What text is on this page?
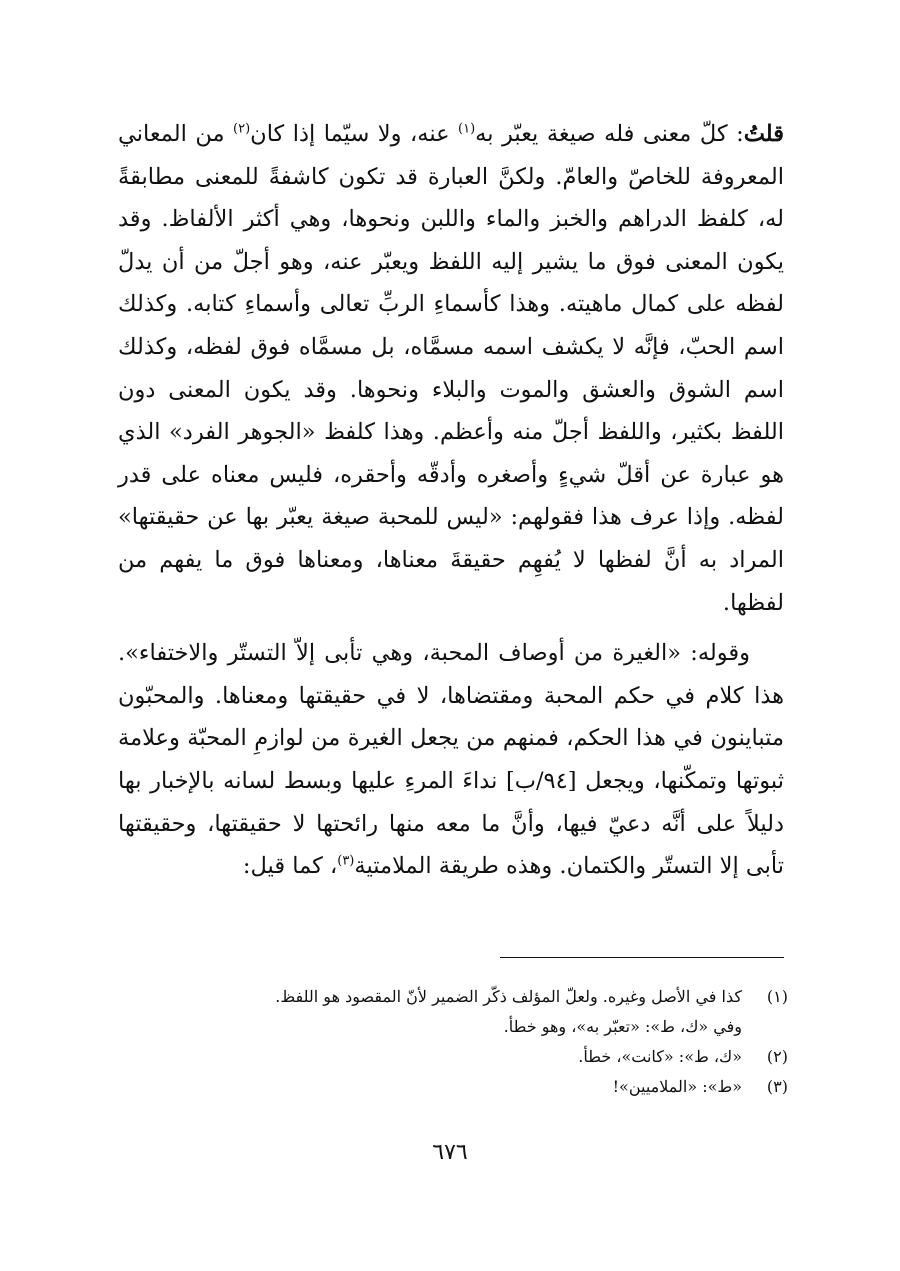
قلتُ: كلّ معنى فله صيغة يعبّر به$^{(١)}$ عنه، ولا سيّما إذا كان$^{(٢)}$ من المعاني المعروفة للخاصّ والعامّ. ولكنَّ العبارة قد تكون كاشفةً للمعنى مطابقةً له، كلفظ الدراهم والخبز والماء واللبن ونحوها، وهي أكثر الألفاظ. وقد يكون المعنى فوق ما يشير إليه اللفظ ويعبّر عنه، وهو أجلّ من أن يدلّ لفظه على كمال ماهيته. وهذا كأسماءِ الربِّ تعالى وأسماءِ كتابه. وكذلك اسم الحبّ، فإنَّه لا يكشف اسمه مسمَّاه، بل مسمَّاه فوق لفظه، وكذلك اسم الشوق والعشق والموت والبلاء ونحوها. وقد يكون المعنى دون اللفظ بكثير، واللفظ أجلّ منه وأعظم. وهذا كلفظ «الجوهر الفرد» الذي هو عبارة عن أقلّ شيءٍ وأصغره وأدقّه وأحقره، فليس معناه على قدر لفظه. وإذا عرف هذا فقولهم: «ليس للمحبة صيغة يعبّر بها عن حقيقتها» المراد به أنَّ لفظها لا يُفهِم حقيقةَ معناها، ومعناها فوق ما يفهم من لفظها.

وقوله: «الغيرة من أوصاف المحبة، وهي تأبى إلاّ التستّر والاختفاء». هذا كلام في حكم المحبة ومقتضاها، لا في حقيقتها ومعناها. والمحبّون متباينون في هذا الحكم، فمنهم من يجعل الغيرة من لوازمِ المحبّة وعلامة ثبوتها وتمكّنها، ويجعل [٩٤/ب] نداءَ المرءِ عليها وبسط لسانه بالإخبار بها دليلاً على أنَّه دعيّ فيها، وأنَّ ما معه منها رائحتها لا حقيقتها، وحقيقتها تأبى إلا التستّر والكتمان. وهذه طريقة الملامتية$^{(٣)}$، كما قيل:

(١)
كذا في الأصل وغيره. ولعلّ المؤلف ذكّر الضمير لأنّ المقصود هو اللفظ.

وفي «ك، ط»: «تعبّر به»، وهو خطأ.

(٢)
«ك، ط»: «كانت»، خطأ.

(٣)
«ط»: «الملاميين»!

٦٧٦
